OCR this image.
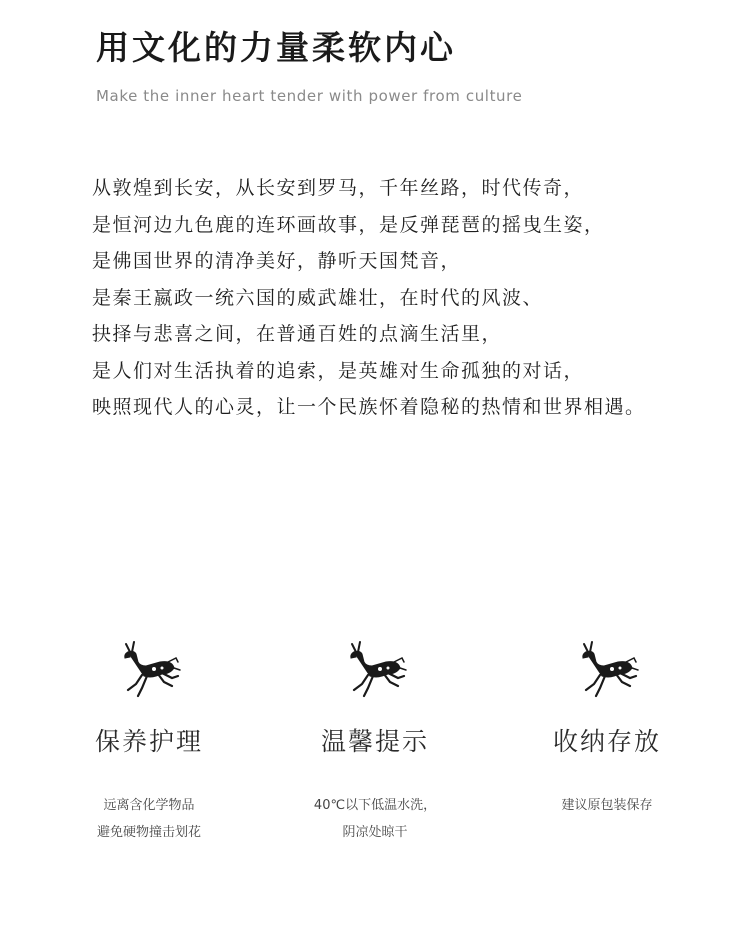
用文化的力量柔软内心

Make the inner heart tender with power from culture

从敦煌到长安，从长安到罗马，千年丝路，时代传奇，
是恒河边九色鹿的连环画故事，是反弹琵琶的摇曳生姿，
是佛国世界的清净美好，静听天国梵音，
是秦王嬴政一统六国的威武雄壮，在时代的风波、
抉择与悲喜之间，在普通百姓的点滴生活里，
是人们对生活执着的追索，是英雄对生命孤独的对话，
映照现代人的心灵，让一个民族怀着隐秘的热情和世界相遇。
保养护理
远离含化学物品
避免硬物撞击划花
温馨提示
40℃以下低温水洗，
阴凉处晾干
收纳存放
建议原包装保存
